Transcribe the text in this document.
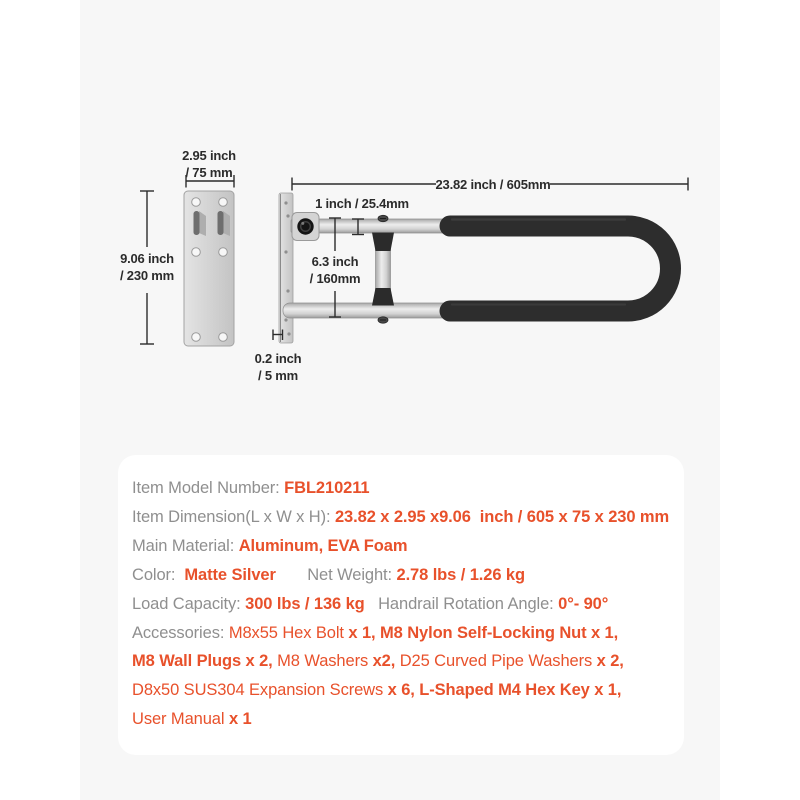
2.95 inch
/ 75 mm
9.06 inch
/ 230 mm
23.82 inch / 605mm
1 inch / 25.4mm
6.3 inch
/ 160mm
0.2 inch
/ 5 mm
Item Model Number: FBL210211
Item Dimension(L x W x H): 23.82 x 2.95 x9.06  inch / 605 x 75 x 230 mm
Main Material: Aluminum, EVA Foam
Color:  Matte Silver Net Weight: 2.78 lbs / 1.26 kg
Load Capacity: 300 lbs / 136 kg Handrail Rotation Angle: 0°- 90°
Accessories: M8x55 Hex Bolt x 1, M8 Nylon Self-Locking Nut x 1,
M8 Wall Plugs x 2, M8 Washers x2, D25 Curved Pipe Washers x 2,
D8x50 SUS304 Expansion Screws x 6, L-Shaped M4 Hex Key x 1,
User Manual x 1
